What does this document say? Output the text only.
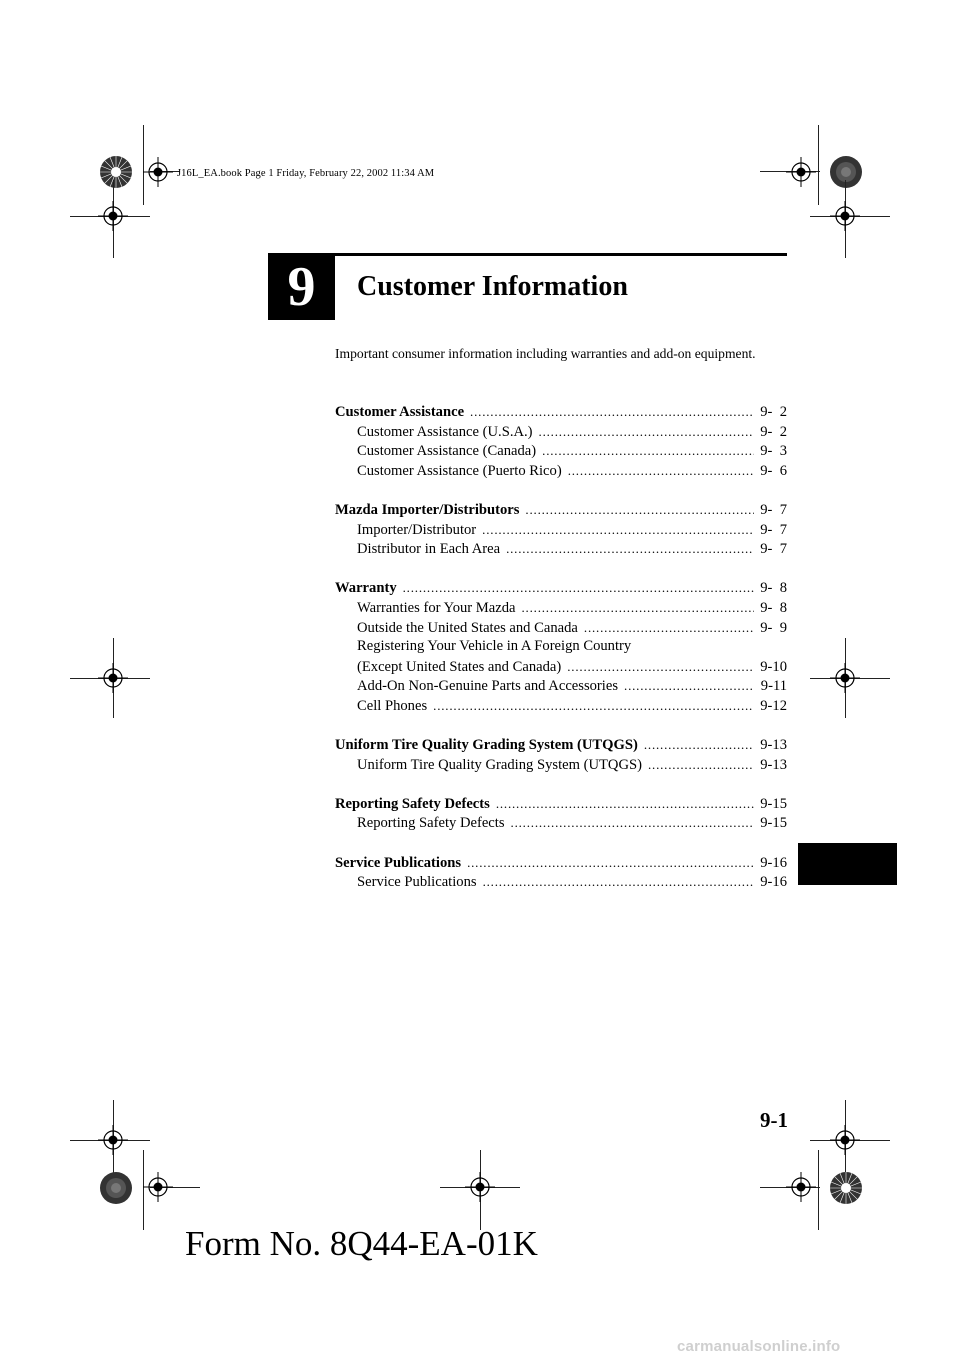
J16L_EA.book Page 1 Friday, February 22, 2002 11:34 AM
9 Customer Information
Important consumer information including warranties and add-on equipment.
Customer Assistance .....	9-  2
Customer Assistance (U.S.A.) .....	9-  2
Customer Assistance (Canada) .....	9-  3
Customer Assistance (Puerto Rico) .....	9-  6
Mazda Importer/Distributors .....	9-  7
Importer/Distributor .....	9-  7
Distributor in Each Area .....	9-  7
Warranty .....	9-  8
Warranties for Your Mazda .....	9-  8
Outside the United States and Canada .....	9-  9
Registering Your Vehicle in A Foreign Country
(Except United States and Canada) .....	9-10
Add-On Non-Genuine Parts and Accessories .....	9-11
Cell Phones .....	9-12
Uniform Tire Quality Grading System (UTQGS) .....	9-13
Uniform Tire Quality Grading System (UTQGS) .....	9-13
Reporting Safety Defects .....	9-15
Reporting Safety Defects .....	9-15
Service Publications .....	9-16
Service Publications .....	9-16
9-1
Form No. 8Q44-EA-01K
carmanualsonline.info
